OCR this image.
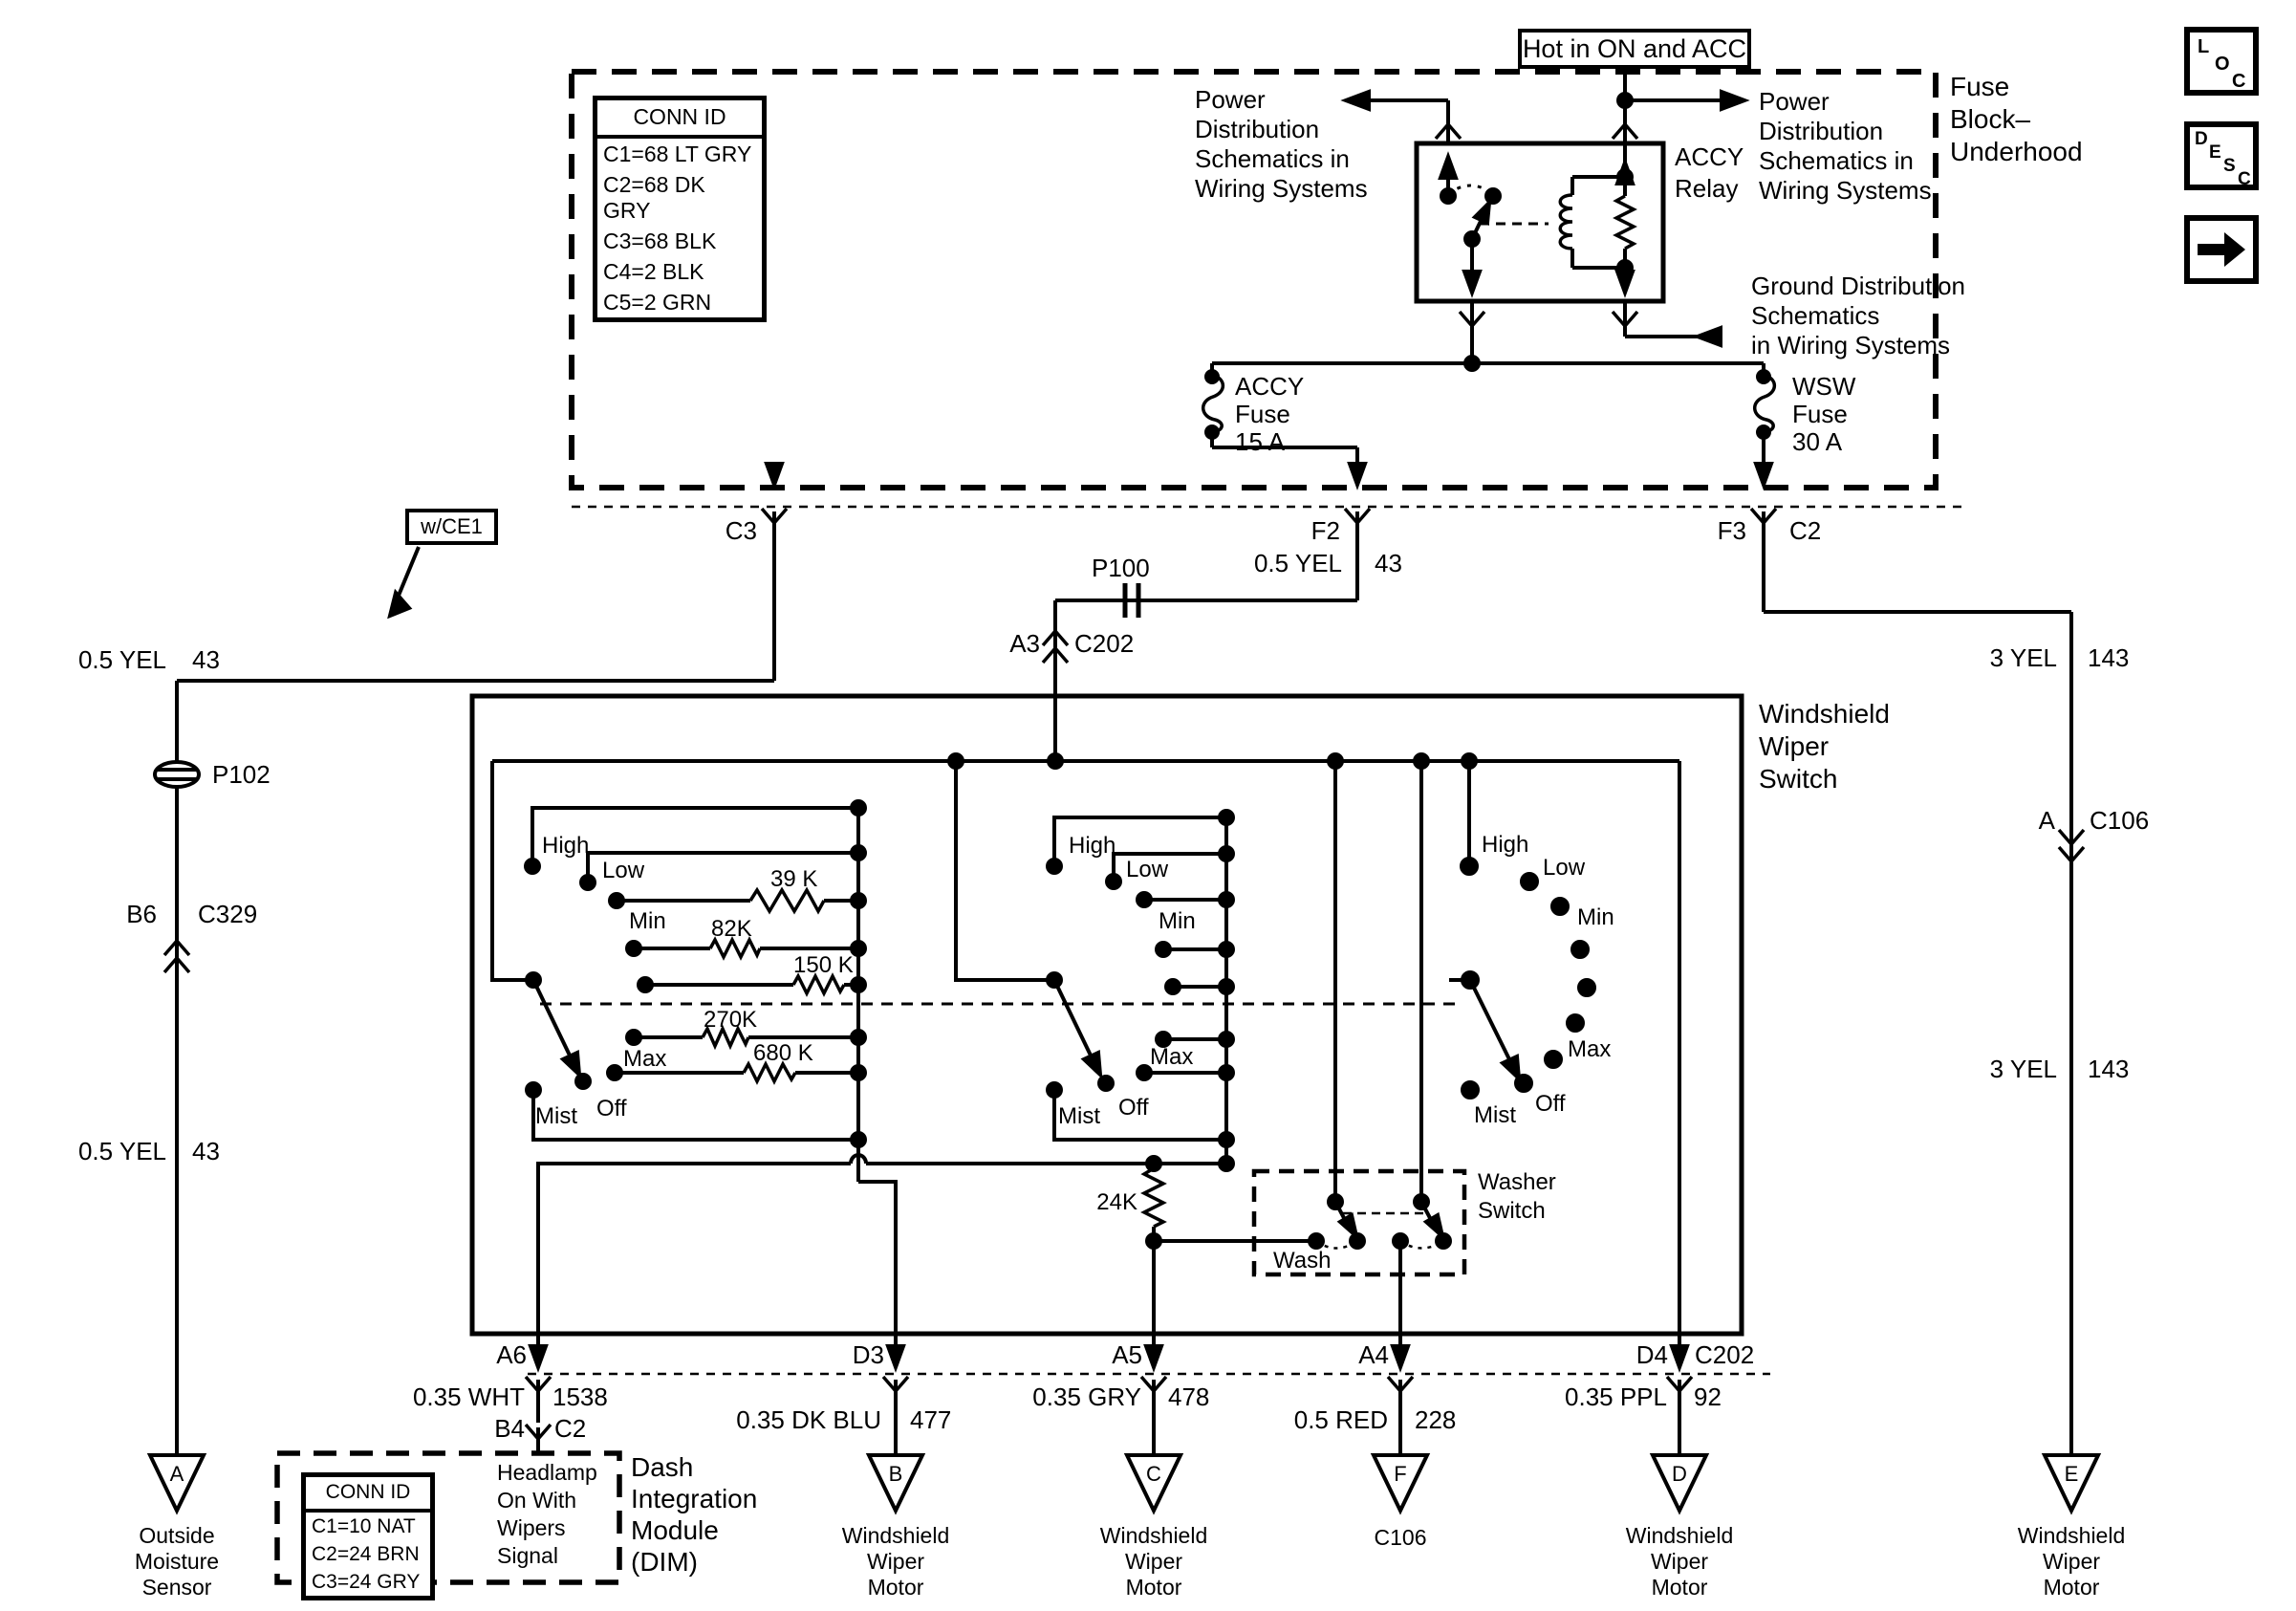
L
O
C
D
E
S
C
Hot in ON and ACC
CONN ID
C1=68 LT GRY
C2=68 DK GRY
C3=68 BLK
C4=2 BLK
C5=2 GRN
Fuse
Block–
Underhood
Power
Distribution
Schematics in
Wiring Systems
Power
Distribution
Schematics in
Wiring Systems
ACCY
Relay
Ground Distribution
Schematics
in Wiring Systems
ACCY
Fuse
15 A
WSW
Fuse
30 A
w/CE1	C3	F2	F3 C2
0.5 YEL 43
P100
A3 C202
0.5 YEL 43
P102
B6 C329
0.5 YEL 43
3 YEL 143
A C106
3 YEL 143
Windshield
Wiper
Switch
High
Low
Min
Max
Off
Mist
39 K
82K
150 K
270K
680 K
High
Low
Min
Max
Off
Mist
High
Low
Min
Max
Off
Mist
24K
Washer
Switch
Wash
A6	D3	A5	A4	D4 C202
0.35 WHT 1538
B4 C2	0.35 DK BLU 477
0.35 GRY 478
0.5 RED 228
0.35 PPL 92
CONN ID
C1=10 NAT
C2=24 BRN
C3=24 GRY
Headlamp
On With
Wipers
Signal
Dash
Integration
Module
(DIM)
A	B	C	F	D	E
Outside
Moisture
Sensor
Windshield
Wiper
Motor
Windshield
Wiper
Motor
C106	Windshield
Wiper
Motor
Windshield
Wiper
Motor
